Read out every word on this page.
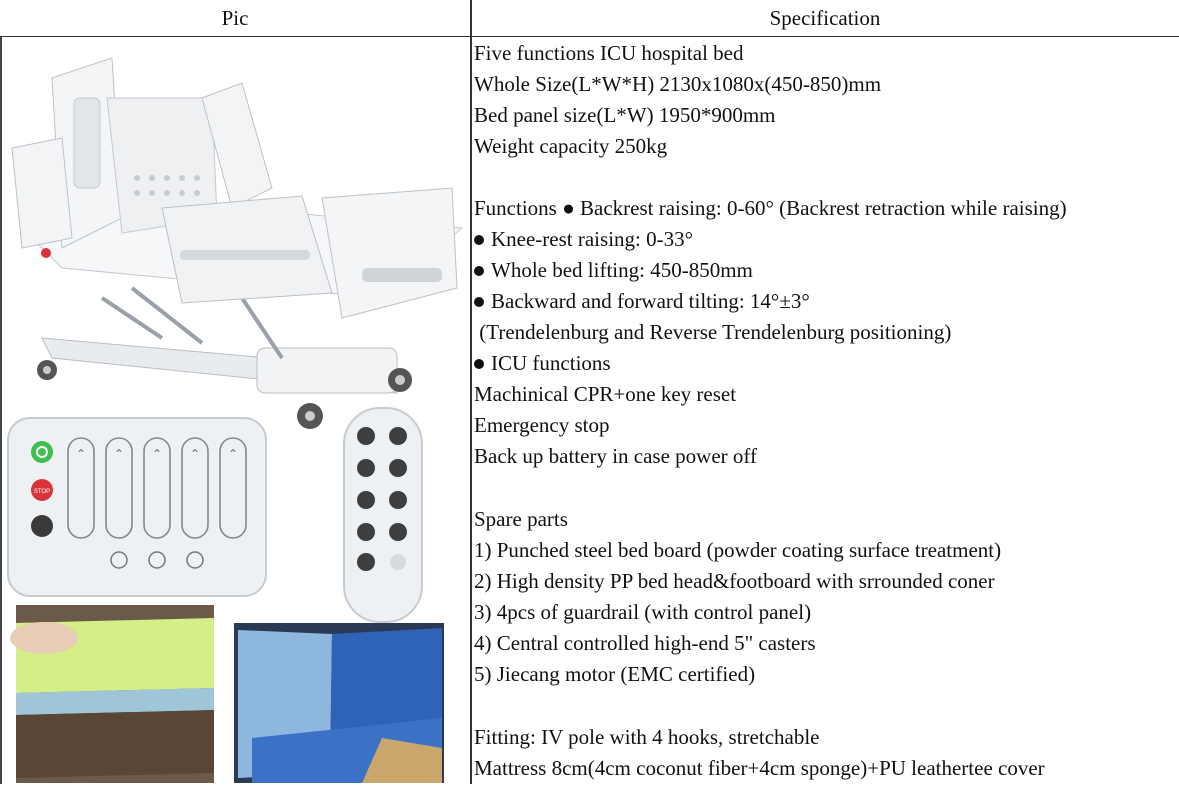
Pic	Specification
STOP
⌃ ⌃ ⌃ ⌃ ⌃
Five functions ICU hospital bed
Whole Size(L*W*H) 2130x1080x(450-850)mm
Bed panel size(L*W) 1950*900mm
Weight capacity 250kg
Functions ● Backrest raising: 0-60° (Backrest retraction while raising)
Knee-rest raising: 0-33°
Whole bed lifting: 450-850mm
Backward and forward tilting: 14°±3°
(Trendelenburg and Reverse Trendelenburg positioning)
ICU functions
Machinical CPR+one key reset
Emergency stop
Back up battery in case power off
Spare parts
1) Punched steel bed board (powder coating surface treatment)
2) High density PP bed head&footboard with srrounded coner
3) 4pcs of guardrail (with control panel)
4) Central controlled high-end 5" casters
5) Jiecang motor (EMC certified)
Fitting: IV pole with 4 hooks, stretchable
Mattress 8cm(4cm coconut fiber+4cm sponge)+PU leathertee cover
